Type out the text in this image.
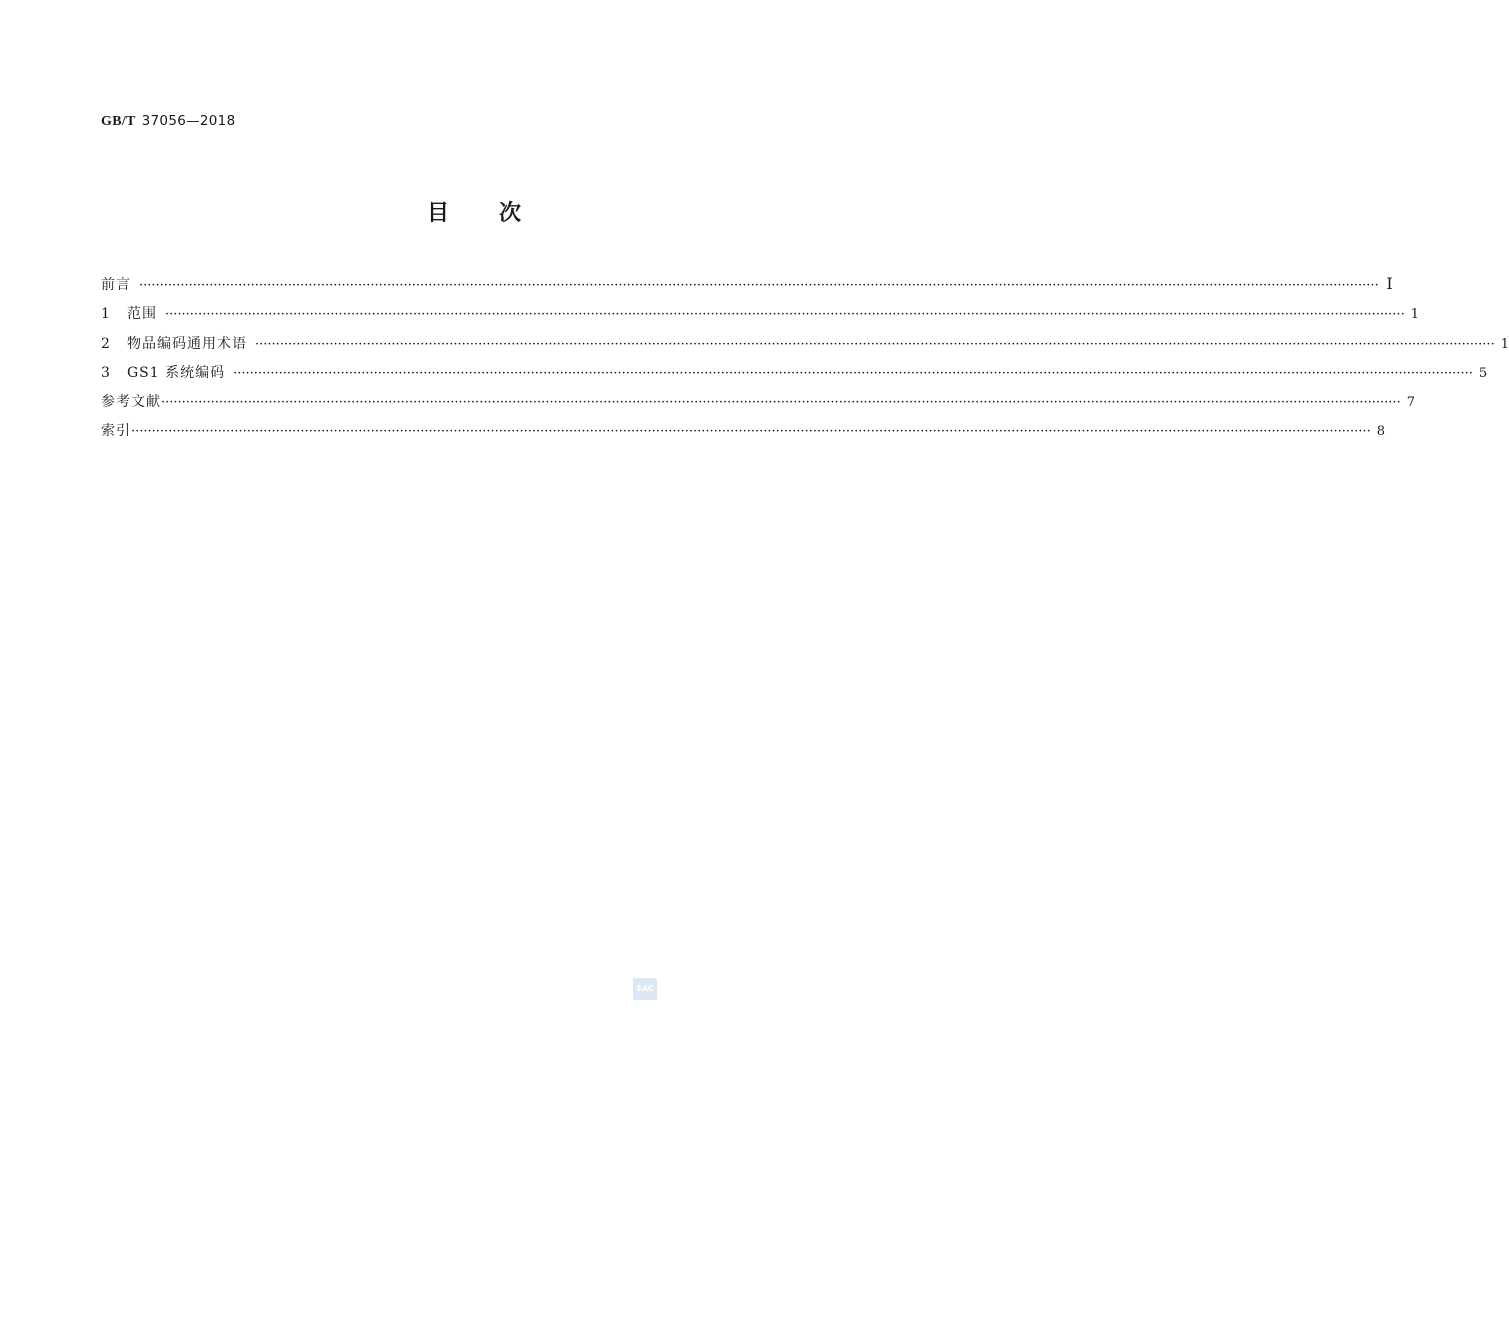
GB/T 37056—2018
目　　次
前言 ············································································································································································································································································································ Ⅰ
1	范围 ············································································································································································································································································································ 1
2	物品编码通用术语 ············································································································································································································································································································ 1
3	GS1 系统编码 ············································································································································································································································································································ 5
参考文献 ············································································································································································································································································································ 7
索引 ············································································································································································································································································································ 8
SAC
